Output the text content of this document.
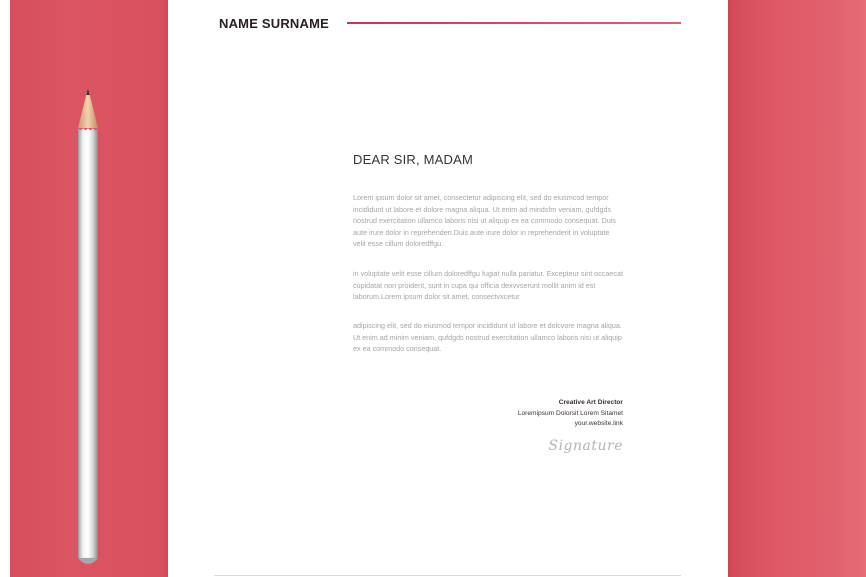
NAME SURNAME
DEAR SIR, MADAM

Lorem ipsum dolor sit amet, consectetur adipiscing elit, sed do eiusmcod tempor incididunt ut labore et dolore magna aliqua. Ut enim ad mindsfm veniam, qufdgds nostrud exercitation ullamco laboris nisi ut aliquip ex ea commodo consequat. Duis aute irure dolor in reprehenderi.Duis aute irure dolor in reprehenderit in voluptate velit esse cillum doloredffgu.

in voluptate velit esse cillum doloredffgu fugiat nulla pariatur. Excepteur sint occaecat cupidatat non proident, sunt in cupa qui officia dexvvserunt mollit anim id est laborum.Lorem ipsum dolor sit amet, consectvxcetur

adipiscing elit, sed do eiusmod tempor incididunt ut labore et dolcvore magna aliqua. Ut enim ad minim veniam, qufdgds nostrud exercitation ullamco laboris nisi ut aliquip ex ea commodo consequat.

Creative Art Director
Loremipsum Dolorsit Lorem Sitamet
your.website.link
Signature
